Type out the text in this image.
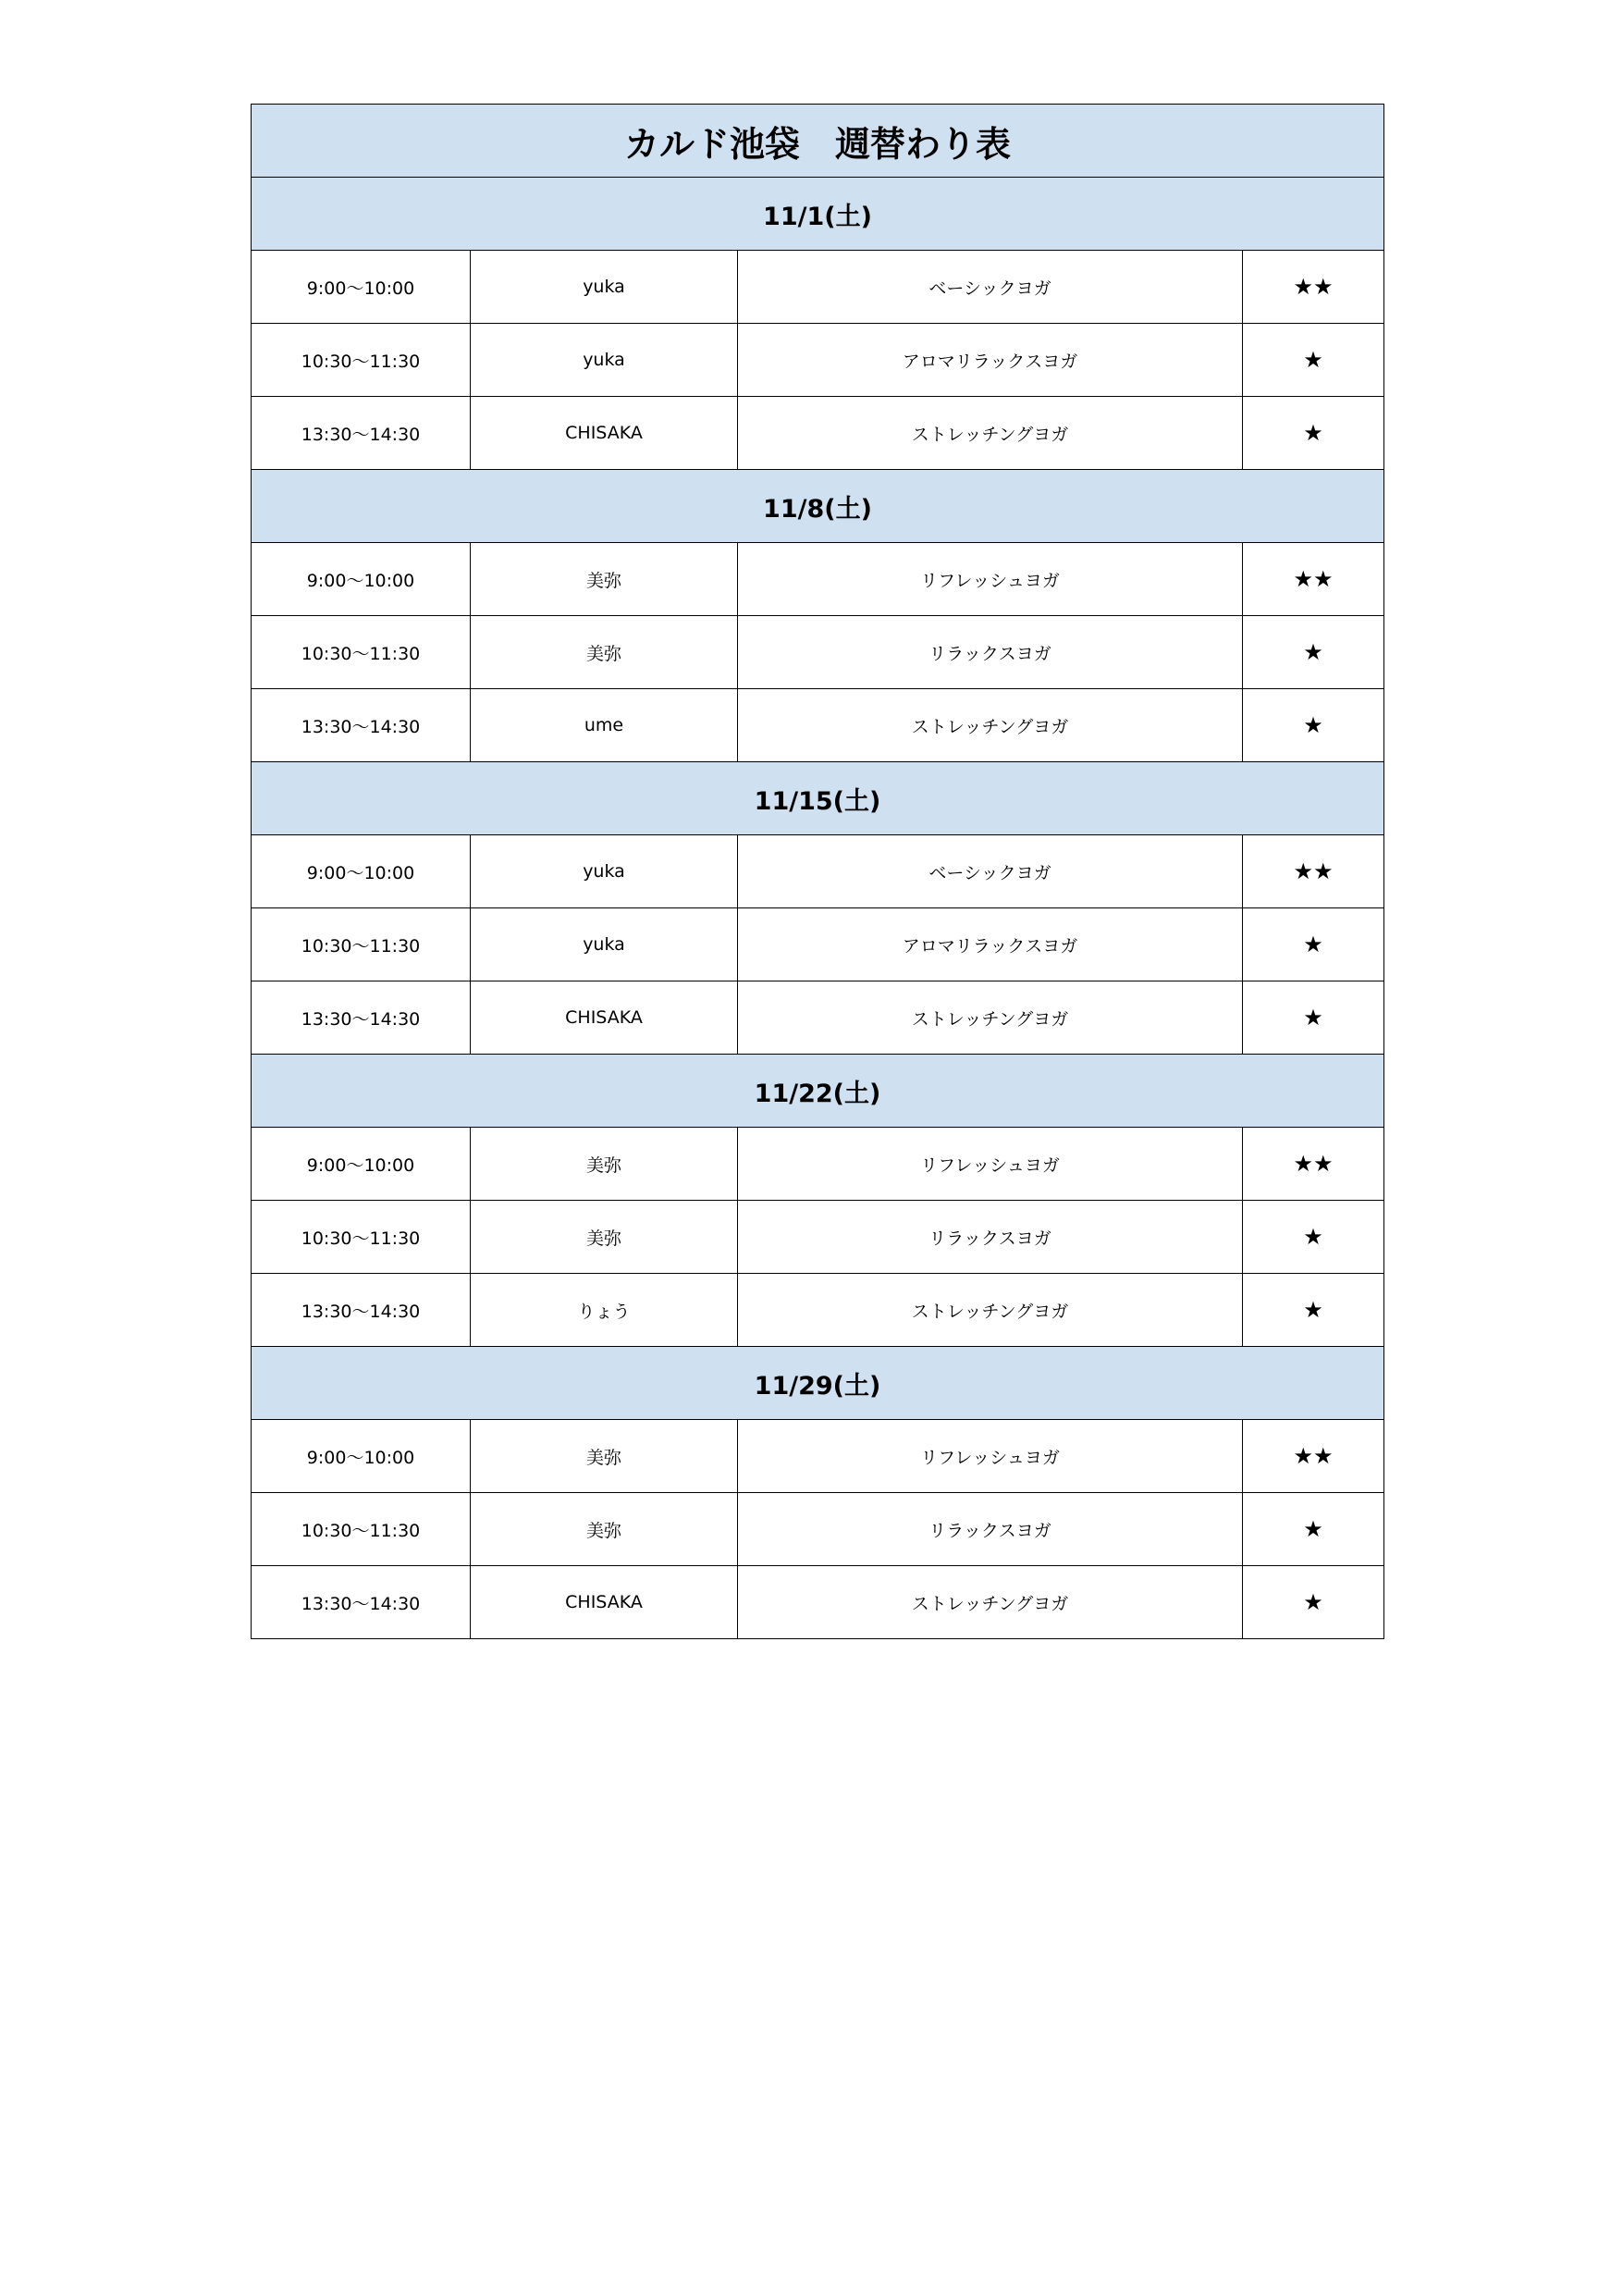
カルド池袋　週替わり表			
11/1(土)			
9:00〜10:00	yuka	ベーシックヨガ	★★
10:30〜11:30	yuka	アロマリラックスヨガ	★
13:30〜14:30	CHISAKA	ストレッチングヨガ	★
11/8(土)			
9:00〜10:00	美弥	リフレッシュヨガ	★★
10:30〜11:30	美弥	リラックスヨガ	★
13:30〜14:30	ume	ストレッチングヨガ	★
11/15(土)			
9:00〜10:00	yuka	ベーシックヨガ	★★
10:30〜11:30	yuka	アロマリラックスヨガ	★
13:30〜14:30	CHISAKA	ストレッチングヨガ	★
11/22(土)			
9:00〜10:00	美弥	リフレッシュヨガ	★★
10:30〜11:30	美弥	リラックスヨガ	★
13:30〜14:30	りょう	ストレッチングヨガ	★
11/29(土)			
9:00〜10:00	美弥	リフレッシュヨガ	★★
10:30〜11:30	美弥	リラックスヨガ	★
13:30〜14:30	CHISAKA	ストレッチングヨガ	★
